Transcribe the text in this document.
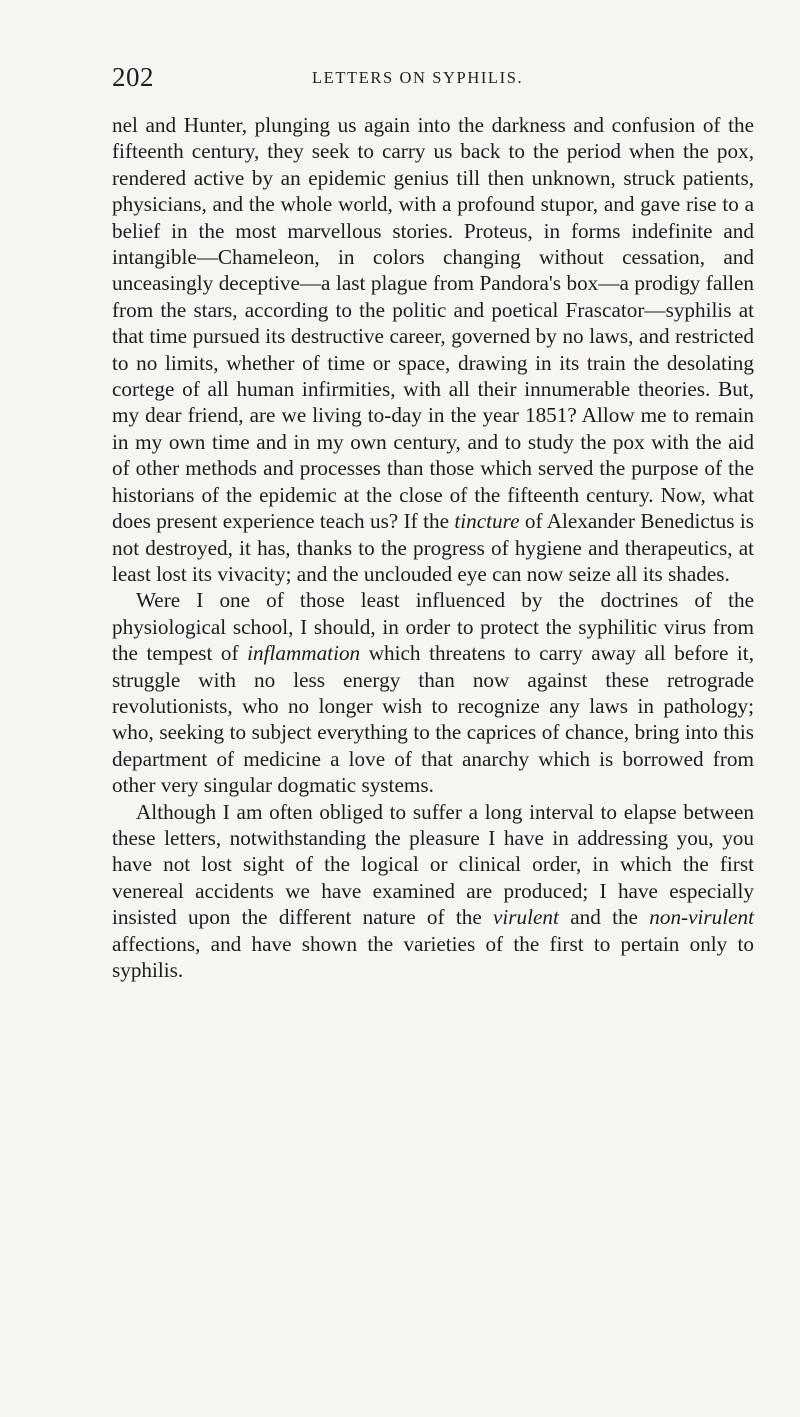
202	LETTERS ON SYPHILIS.

nel and Hunter, plunging us again into the darkness and confusion of the fifteenth century, they seek to carry us back to the period when the pox, rendered active by an epidemic genius till then unknown, struck patients, physicians, and the whole world, with a profound stupor, and gave rise to a belief in the most marvellous stories. Proteus, in forms indefinite and intangible—Chameleon, in colors changing without cessation, and unceasingly deceptive—a last plague from Pandora's box—a prodigy fallen from the stars, according to the politic and poetical Frascator—syphilis at that time pursued its destructive career, governed by no laws, and restricted to no limits, whether of time or space, drawing in its train the desolating cortege of all human infirmities, with all their innumerable theories. But, my dear friend, are we living to-day in the year 1851? Allow me to remain in my own time and in my own century, and to study the pox with the aid of other methods and processes than those which served the purpose of the historians of the epidemic at the close of the fifteenth century. Now, what does present experience teach us? If the tincture of Alexander Benedictus is not destroyed, it has, thanks to the progress of hygiene and therapeutics, at least lost its vivacity; and the unclouded eye can now seize all its shades.

Were I one of those least influenced by the doctrines of the physiological school, I should, in order to protect the syphilitic virus from the tempest of inflammation which threatens to carry away all before it, struggle with no less energy than now against these retrograde revolutionists, who no longer wish to recognize any laws in pathology; who, seeking to subject everything to the caprices of chance, bring into this department of medicine a love of that anarchy which is borrowed from other very singular dogmatic systems.

Although I am often obliged to suffer a long interval to elapse between these letters, notwithstanding the pleasure I have in addressing you, you have not lost sight of the logical or clinical order, in which the first venereal accidents we have examined are produced; I have especially insisted upon the different nature of the virulent and the non-virulent affections, and have shown the varieties of the first to pertain only to syphilis.
